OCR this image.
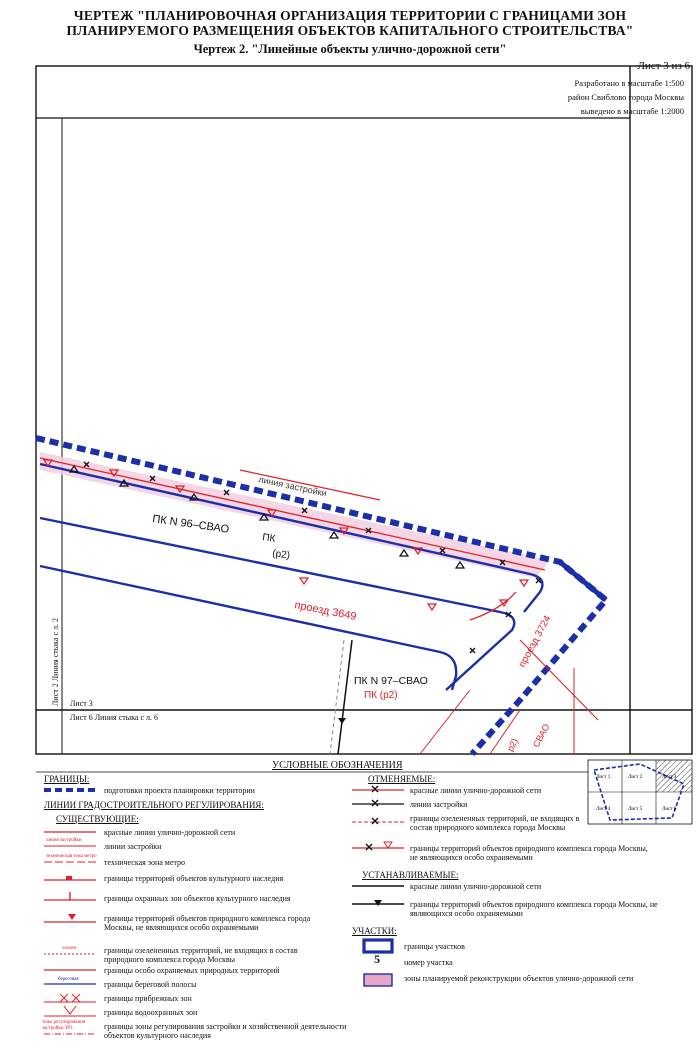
ЧЕРТЕЖ "ПЛАНИРОВОЧНАЯ ОРГАНИЗАЦИЯ ТЕРРИТОРИИ С ГРАНИЦАМИ ЗОН
ПЛАНИРУЕМОГО РАЗМЕЩЕНИЯ ОБЪЕКТОВ КАПИТАЛЬНОГО СТРОИТЕЛЬСТВА"
Чертеж 2. "Линейные объекты улично-дорожной сети"
Лист 3 из 6
Разработано в масштабе 1:500
район Свиблово города Москвы
выведено в масштабе 1:2000
линия застройки
ПК N 96–СВАО
ПК
(р2)
проезд 3649
проезд 3724
ПК N 97–СВАО
ПК (р2)
СВАО
р2)
Лист 2 Линия стыка с л. 2 Лист 3
Лист 6 Линия стыка с л. 6
Лист 1	Лист 2	Лист 3
Лист 4	Лист 5	Лист 6
УСЛОВНЫЕ ОБОЗНАЧЕНИЯ
ГРАНИЦЫ:
подготовки проекта планировки территории
ЛИНИИ ГРАДОСТРОИТЕЛЬНОГО РЕГУЛИРОВАНИЯ:
СУЩЕСТВУЮЩИЕ:
красные линии улично-дорожной сети
линия застройки
линии застройки
техническая зона метро
техническая зона метро
границы территорий объектов культурного наследия
границы охранных зон объектов культурного наследия
границы территорий объектов природного комплекса города Москвы, не являющихся особо охраняемыми
озелен	границы озелененных территорий, не входящих в состав природного комплекса города Москвы
границы особо охраняемых природных территорий
береговая
границы береговой полосы
границы прибрежных зон
границы водоохранных зон
зоны регулирования застройки ЗРЗ	границы зоны регулирования застройки и хозяйственной деятельности объектов культурного наследия
ОТМЕНЯЕМЫЕ:
красные линии улично-дорожной сети
линии застройки
границы озелененных территорий, не входящих в состав природного комплекса города Москвы
границы территорий объектов природного комплекса города Москвы, не являющихся особо охраняемыми
УСТАНАВЛИВАЕМЫЕ:
красные линии улично-дорожной сети
границы территорий объектов природного комплекса города Москвы, не являющихся особо охраняемыми
УЧАСТКИ:
границы участков
5	номер участка
зоны планируемой реконструкции объектов улично-дорожной сети
